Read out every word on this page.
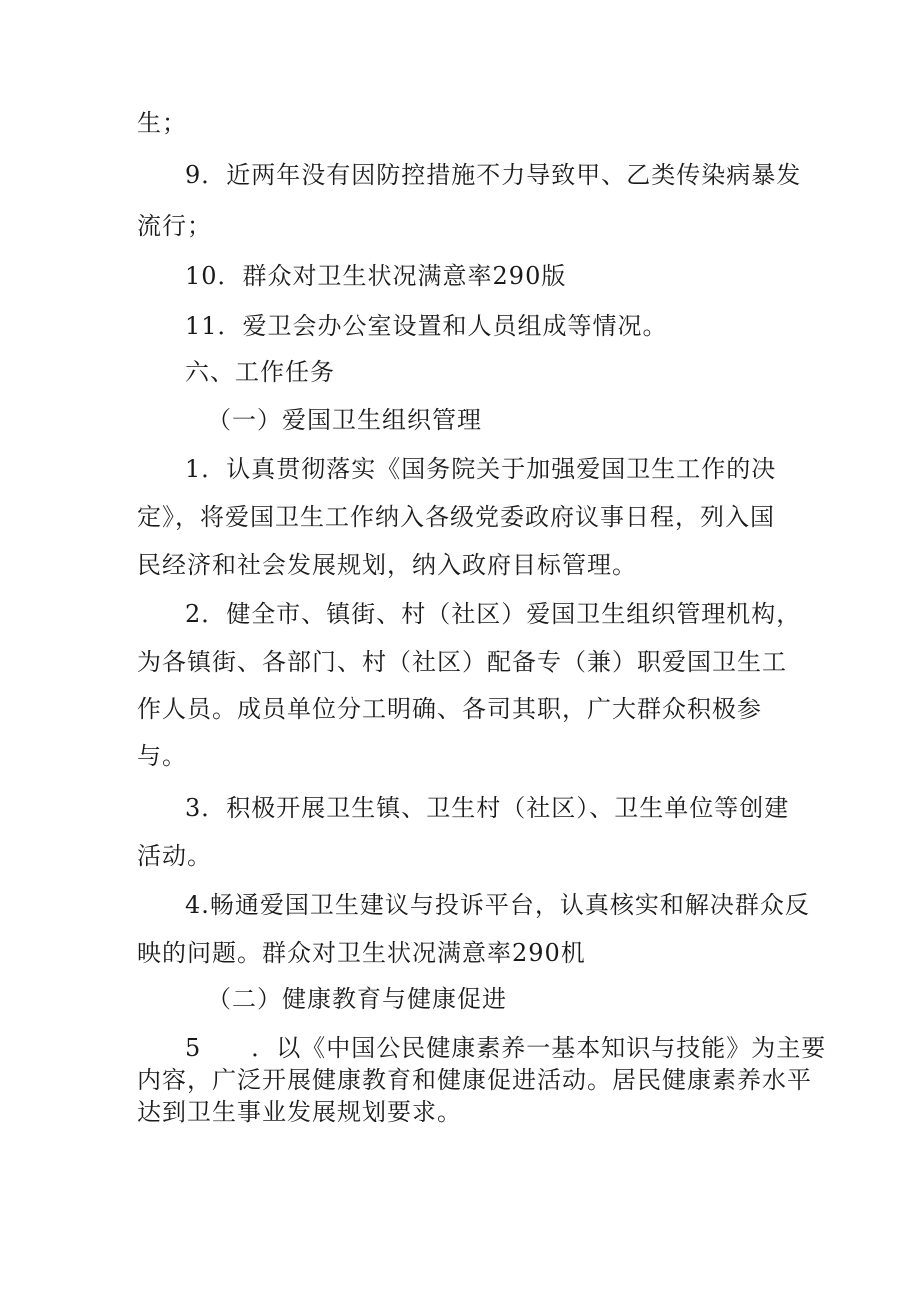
生；
9．近两年没有因防控措施不力导致甲、乙类传染病暴发
流行；
10．群众对卫生状况满意率290版
11．爱卫会办公室设置和人员组成等情况。
六、工作任务
（一）爱国卫生组织管理
1．认真贯彻落实《国务院关于加强爱国卫生工作的决
定》，将爱国卫生工作纳入各级党委政府议事日程，列入国
民经济和社会发展规划，纳入政府目标管理。
2．健全市、镇街、村（社区）爱国卫生组织管理机构，
为各镇街、各部门、村（社区）配备专（兼）职爱国卫生工
作人员。成员单位分工明确、各司其职，广大群众积极参
与。
3．积极开展卫生镇、卫生村（社区）、卫生单位等创建
活动。
4.畅通爱国卫生建议与投诉平台，认真核实和解决群众反
映的问题。群众对卫生状况满意率290机
（二）健康教育与健康促进
5　　．以《中国公民健康素养一基本知识与技能》为主要
内容，广泛开展健康教育和健康促进活动。居民健康素养水平
达到卫生事业发展规划要求。
